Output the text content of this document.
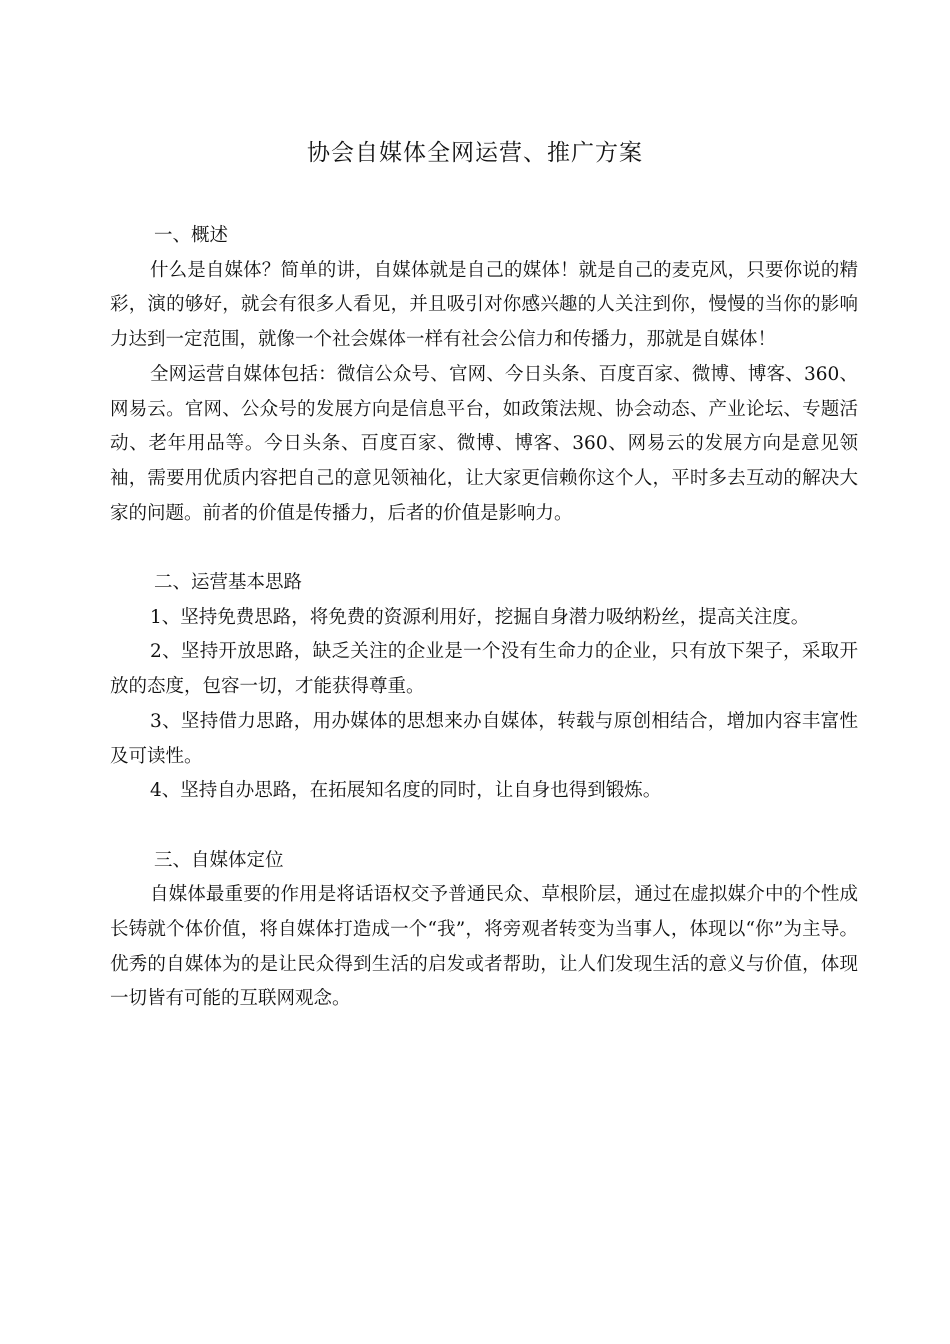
协会自媒体全网运营、推广方案

一、概述

什么是自媒体？简单的讲，自媒体就是自己的媒体！就是自己的麦克风，只要你说的精彩，演的够好，就会有很多人看见，并且吸引对你感兴趣的人关注到你，慢慢的当你的影响力达到一定范围，就像一个社会媒体一样有社会公信力和传播力，那就是自媒体！

全网运营自媒体包括：微信公众号、官网、今日头条、百度百家、微博、博客、360、网易云。官网、公众号的发展方向是信息平台，如政策法规、协会动态、产业论坛、专题活动、老年用品等。今日头条、百度百家、微博、博客、360、网易云的发展方向是意见领袖，需要用优质内容把自己的意见领袖化，让大家更信赖你这个人，平时多去互动的解决大家的问题。前者的价值是传播力，后者的价值是影响力。

二、运营基本思路

1、坚持免费思路，将免费的资源利用好，挖掘自身潜力吸纳粉丝，提高关注度。

2、坚持开放思路，缺乏关注的企业是一个没有生命力的企业，只有放下架子，采取开放的态度，包容一切，才能获得尊重。

3、坚持借力思路，用办媒体的思想来办自媒体，转载与原创相结合，增加内容丰富性及可读性。

4、坚持自办思路，在拓展知名度的同时，让自身也得到锻炼。

三、自媒体定位

自媒体最重要的作用是将话语权交予普通民众、草根阶层，通过在虚拟媒介中的个性成长铸就个体价值，将自媒体打造成一个“我”，将旁观者转变为当事人，体现以“你”为主导。优秀的自媒体为的是让民众得到生活的启发或者帮助，让人们发现生活的意义与价值，体现一切皆有可能的互联网观念。
